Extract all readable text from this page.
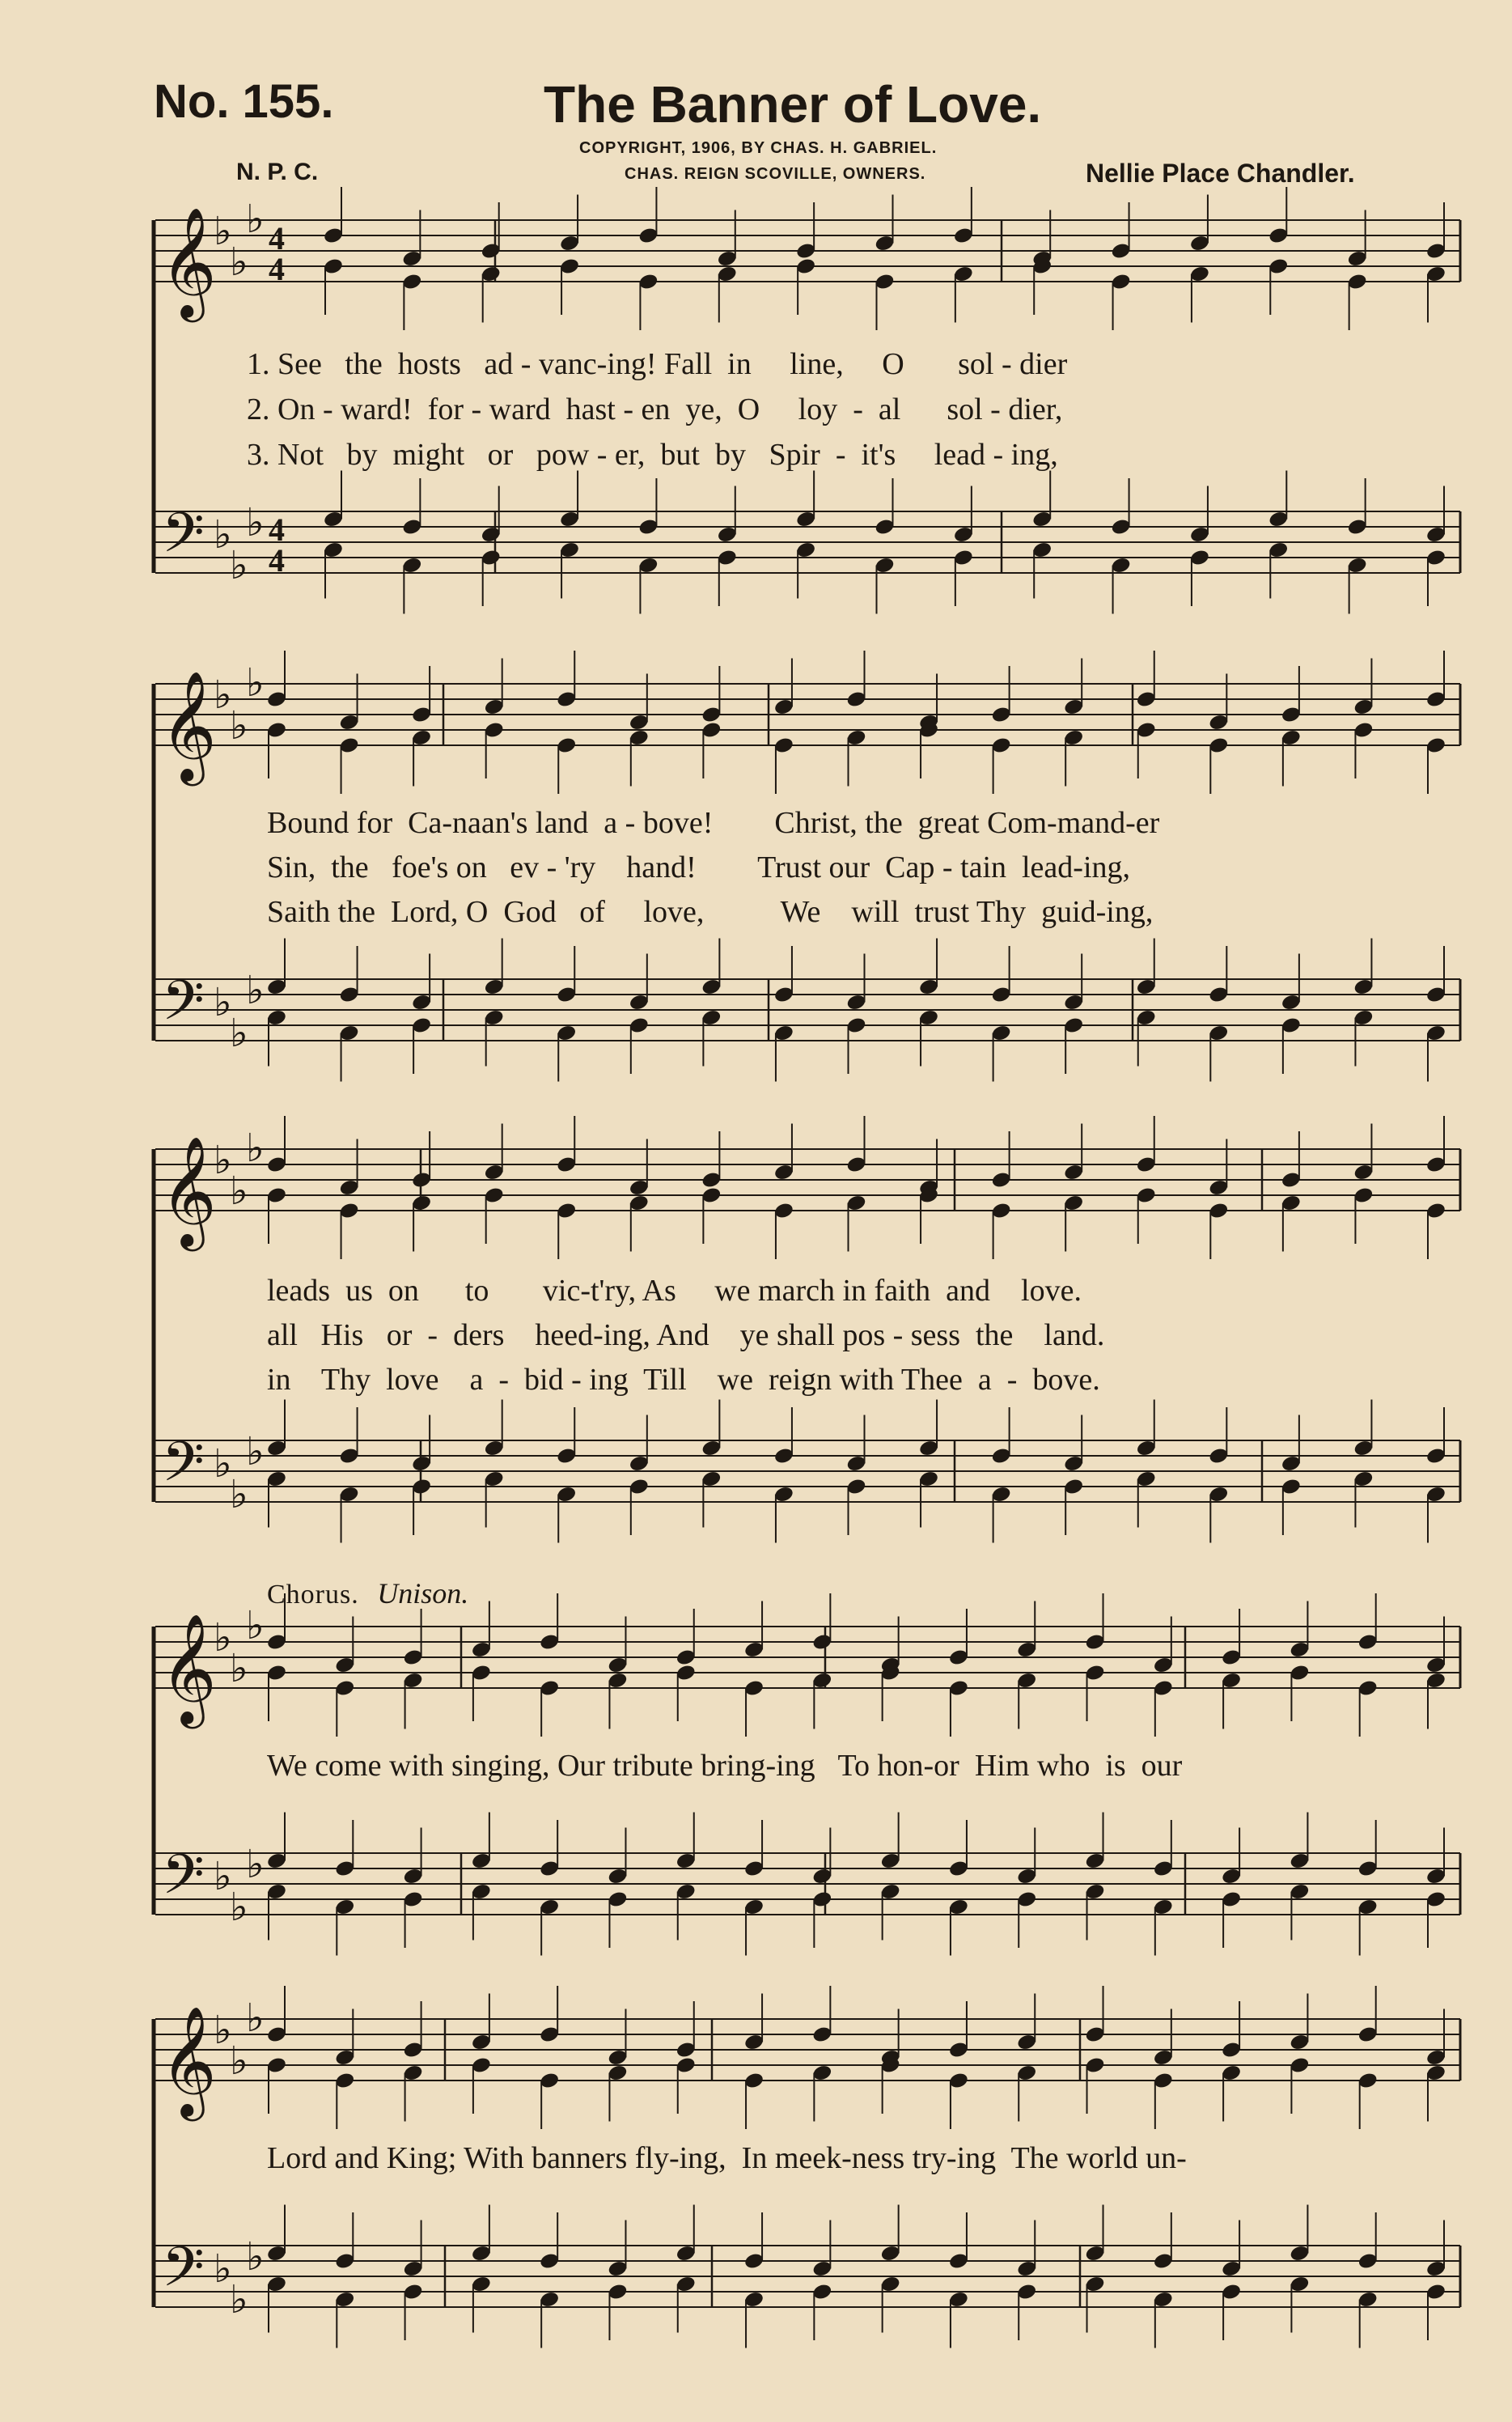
No. 155.	The Banner of Love.
COPYRIGHT, 1906, BY CHAS. H. GABRIEL.
CHAS. REIGN SCOVILLE, OWNERS.
N. P. C.	Nellie Place Chandler.
𝄞
𝄢
♭
♭
♭
♭
♭
♭
4
4
4
4
𝄞
𝄢
♭
♭
♭
♭
♭
♭
𝄞
𝄢
♭
♭
♭
♭
♭
♭
𝄞
𝄢
♭
♭
♭
♭
♭
♭
𝄞
𝄢
♭
♭
♭
♭
♭
♭
1. See   the  hosts   ad - vanc-ing! Fall  in     line,     O       sol - dier
2. On - ward!  for - ward  hast - en  ye,  O     loy  -  al      sol - dier,
3. Not   by  might   or   pow - er,  but  by   Spir  -  it's     lead - ing,
Bound for  Ca-naan's land  a - bove!        Christ, the  great Com-mand-er
Sin,  the   foe's on   ev - 'ry    hand!        Trust our  Cap - tain  lead-ing,
Saith the  Lord, O  God   of     love,          We    will  trust Thy  guid-ing,
leads  us  on      to       vic-t'ry, As     we march in faith  and    love.
all   His   or  -  ders    heed-ing, And    ye shall pos - sess  the    land.
in    Thy  love    a  -  bid - ing  Till    we  reign with Thee  a  -  bove.
Chorus. Unison.
We come with singing, Our tribute bring-ing   To hon-or  Him who  is  our
Lord and King; With banners fly-ing,  In meek-ness try-ing  The world un-
